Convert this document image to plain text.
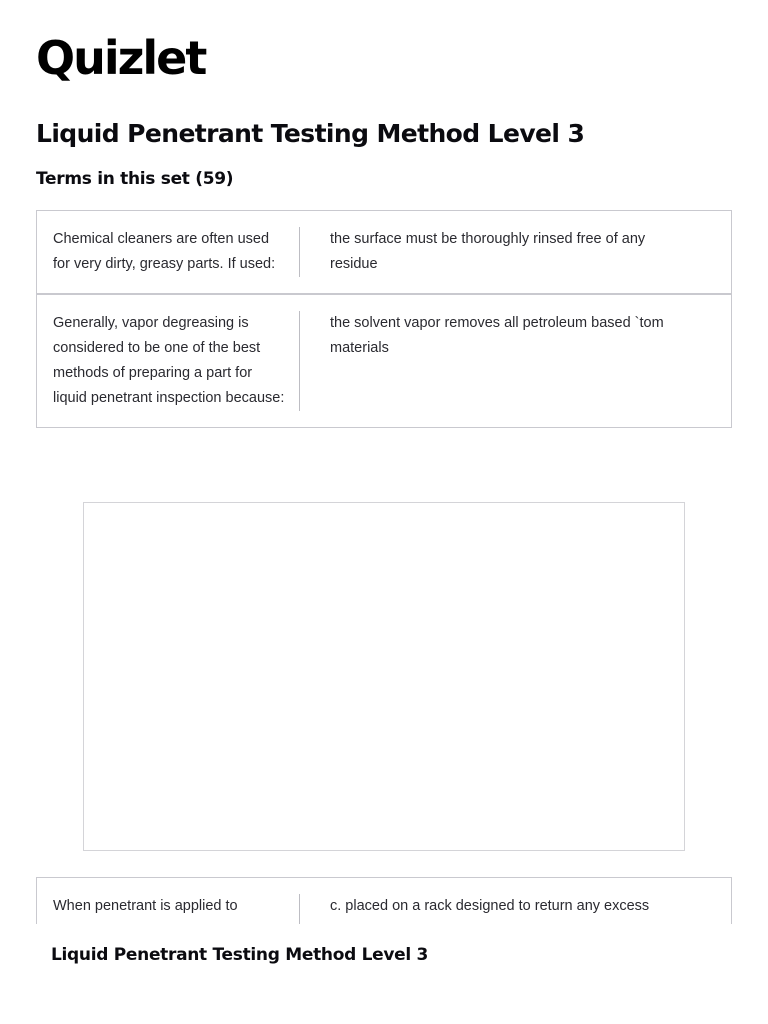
Quizlet
Liquid Penetrant Testing Method Level 3
Terms in this set (59)
Chemical cleaners are often used for very dirty, greasy parts. If used:
the surface must be thoroughly rinsed free of any residue
Generally, vapor degreasing is considered to be one of the best methods of preparing a part for liquid penetrant inspection because:
the solvent vapor removes all petroleum based `tom materials
When penetrant is applied to	c. placed on a rack designed to return any excess
Liquid Penetrant Testing Method Level 3
